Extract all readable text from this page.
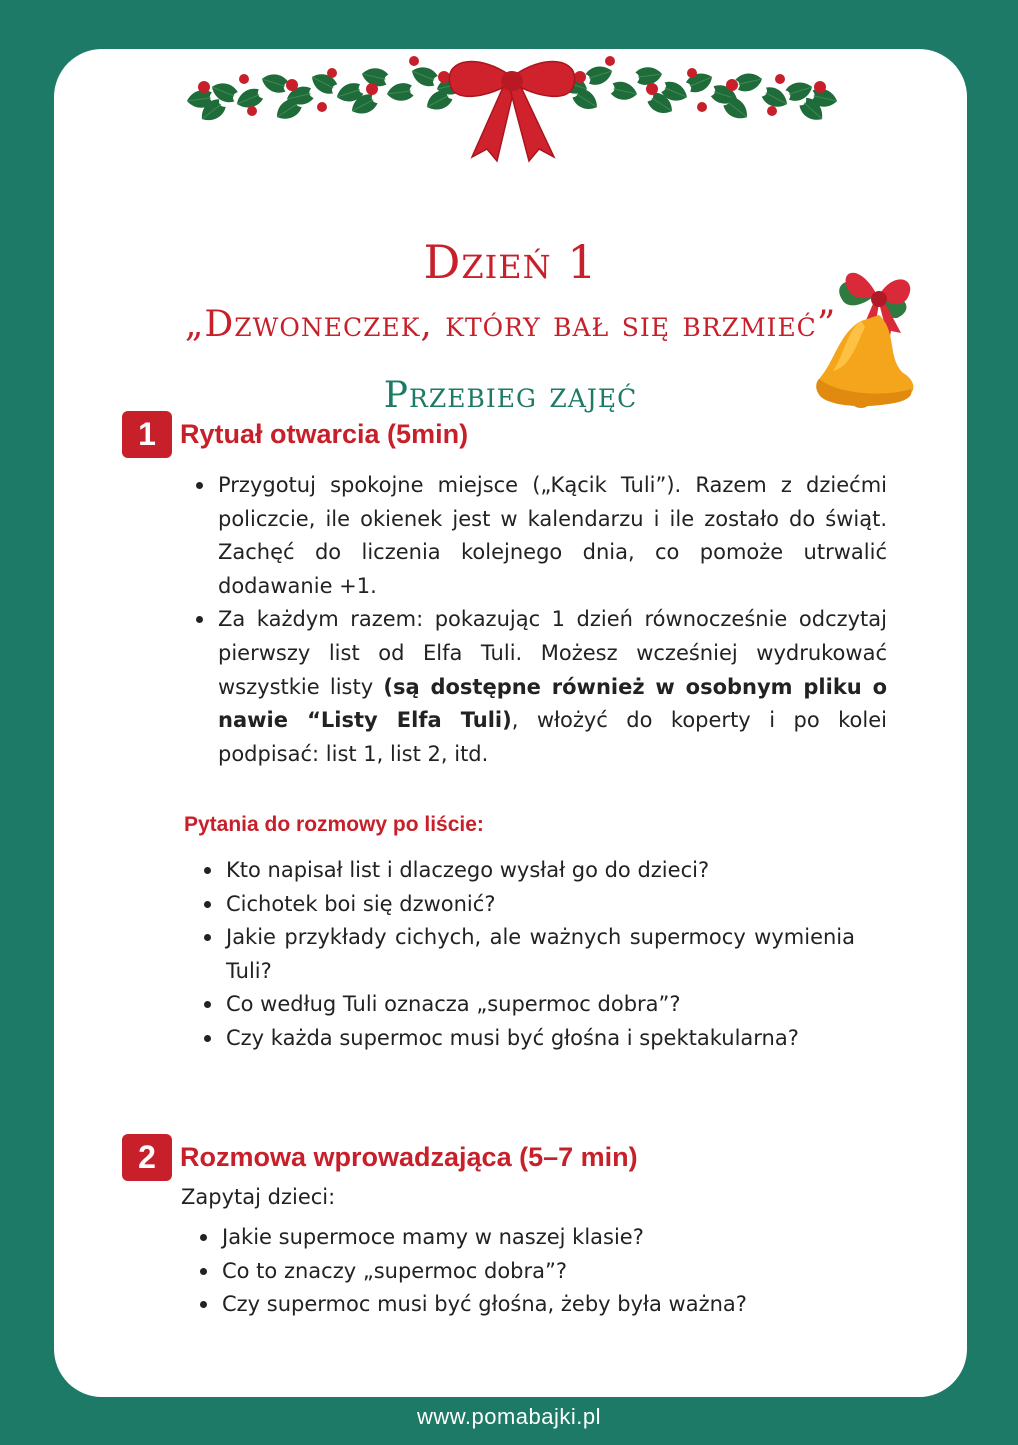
Dzień 1
„Dzwoneczek, który bał się brzmieć”
Przebieg zajęć
1 Rytuał otwarcia (5min)
Przygotuj spokojne miejsce („Kącik Tuli”). Razem z dziećmi policzcie, ile okienek jest w kalendarzu i ile zostało do świąt. Zachęć do liczenia kolejnego dnia, co pomoże utrwalić dodawanie +1.
Za każdym razem: pokazując 1 dzień równocześnie odczytaj pierwszy list od Elfa Tuli. Możesz wcześniej wydrukować wszystkie listy (są dostępne również w osobnym pliku o nawie “Listy Elfa Tuli), włożyć do koperty i po kolei podpisać: list 1, list 2, itd.
Pytania do rozmowy po liście:
Kto napisał list i dlaczego wysłał go do dzieci?
Cichotek boi się dzwonić?
Jakie przykłady cichych, ale ważnych supermocy wymienia Tuli?
Co według Tuli oznacza „supermoc dobra”?
Czy każda supermoc musi być głośna i spektakularna?
2 Rozmowa wprowadzająca (5–7 min)
Zapytaj dzieci:
Jakie supermoce mamy w naszej klasie?
Co to znaczy „supermoc dobra”?
Czy supermoc musi być głośna, żeby była ważna?
www.pomabajki.pl
